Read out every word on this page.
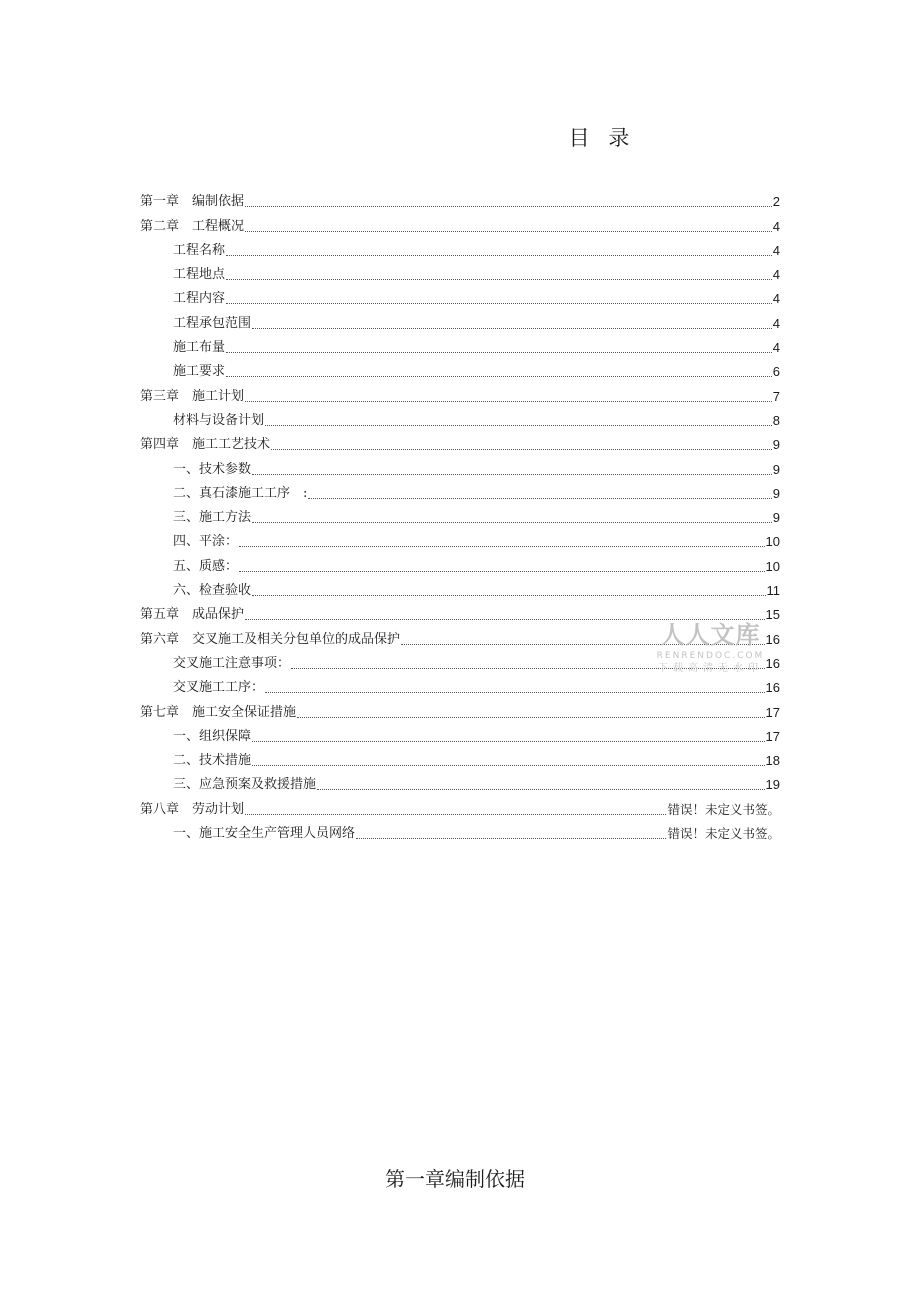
目 录
第一章　编制依据	2
第二章　工程概况	4
工程名称	4
工程地点	4
工程内容	4
工程承包范围	4
施工布量	4
施工要求	6
第三章　施工计划	7
材料与设备计划	8
第四章　施工工艺技术	9
一、技术参数	9
二、真石漆施工工序　:	9
三、施工方法	9
四、平涂：	10
五、质感：	10
六、检查验收	11
第五章　成品保护	15
第六章　交叉施工及相关分包单位的成品保护	16
交叉施工注意事项：	16
交叉施工工序：	16
第七章　施工安全保证措施	17
一、组织保障	17
二、技术措施	18
三、应急预案及救援措施	19
第八章　劳动计划	错误！未定义书签。
一、施工安全生产管理人员网络	错误！未定义书签。
第一章编制依据
人人文库
RENRENDOC.COM
下载高清无水印
